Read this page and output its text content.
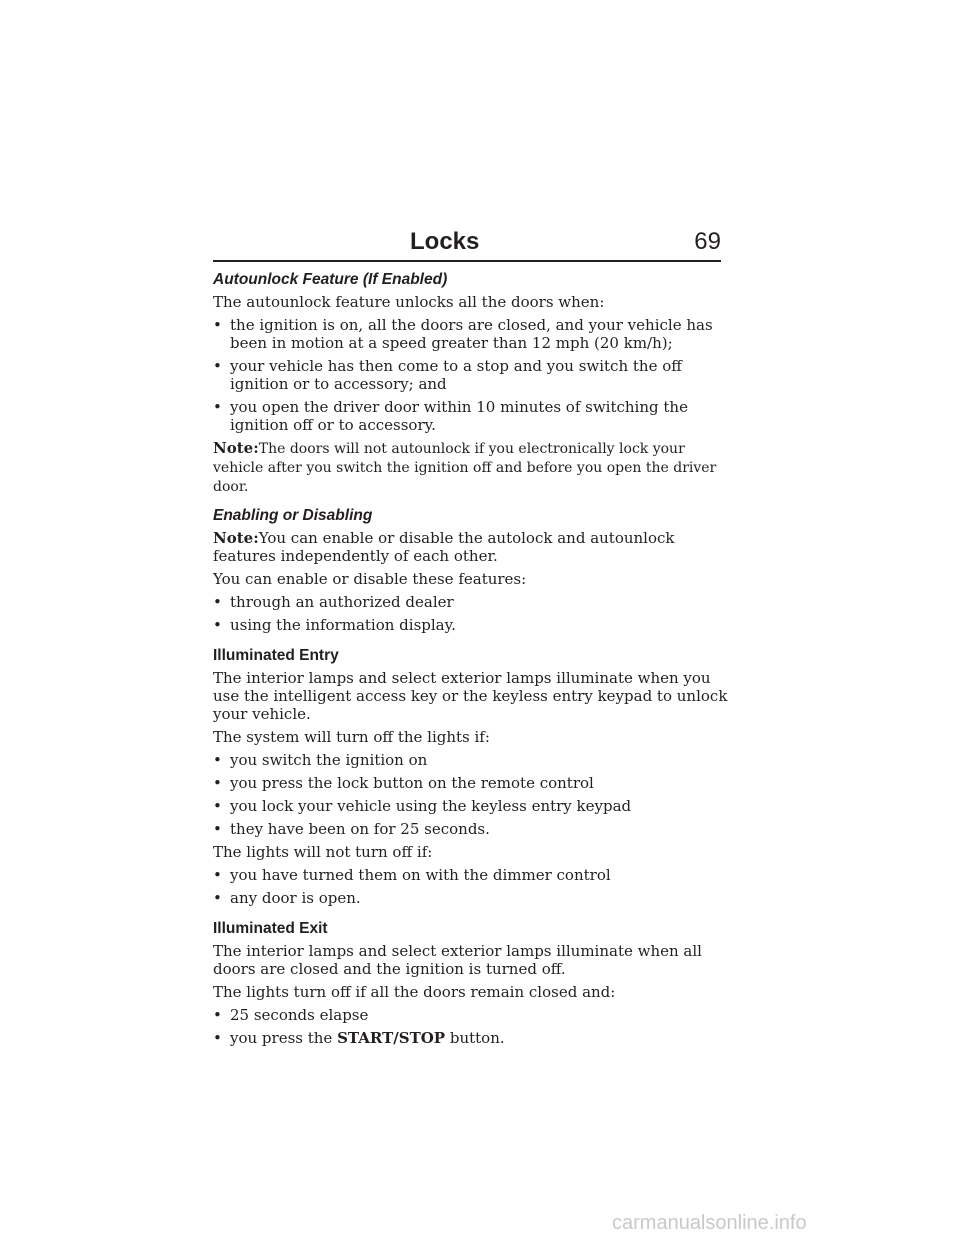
Locks	69
Autounlock Feature (If Enabled)

The autounlock feature unlocks all the doors when:

• the ignition is on, all the doors are closed, and your vehicle has been in motion at a speed greater than 12 mph (20 km/h);
• your vehicle has then come to a stop and you switch the off ignition or to accessory; and
• you open the driver door within 10 minutes of switching the ignition off or to accessory.

Note:The doors will not autounlock if you electronically lock your vehicle after you switch the ignition off and before you open the driver door.

Enabling or Disabling

Note:You can enable or disable the autolock and autounlock features independently of each other.

You can enable or disable these features:

• through an authorized dealer
• using the information display.
Illuminated Entry

The interior lamps and select exterior lamps illuminate when you use the intelligent access key or the keyless entry keypad to unlock your vehicle.

The system will turn off the lights if:

• you switch the ignition on
• you press the lock button on the remote control
• you lock your vehicle using the keyless entry keypad
• they have been on for 25 seconds.

The lights will not turn off if:

• you have turned them on with the dimmer control
• any door is open.
Illuminated Exit

The interior lamps and select exterior lamps illuminate when all doors are closed and the ignition is turned off.

The lights turn off if all the doors remain closed and:

• 25 seconds elapse
• you press the START/STOP button.
carmanualsonline.info
